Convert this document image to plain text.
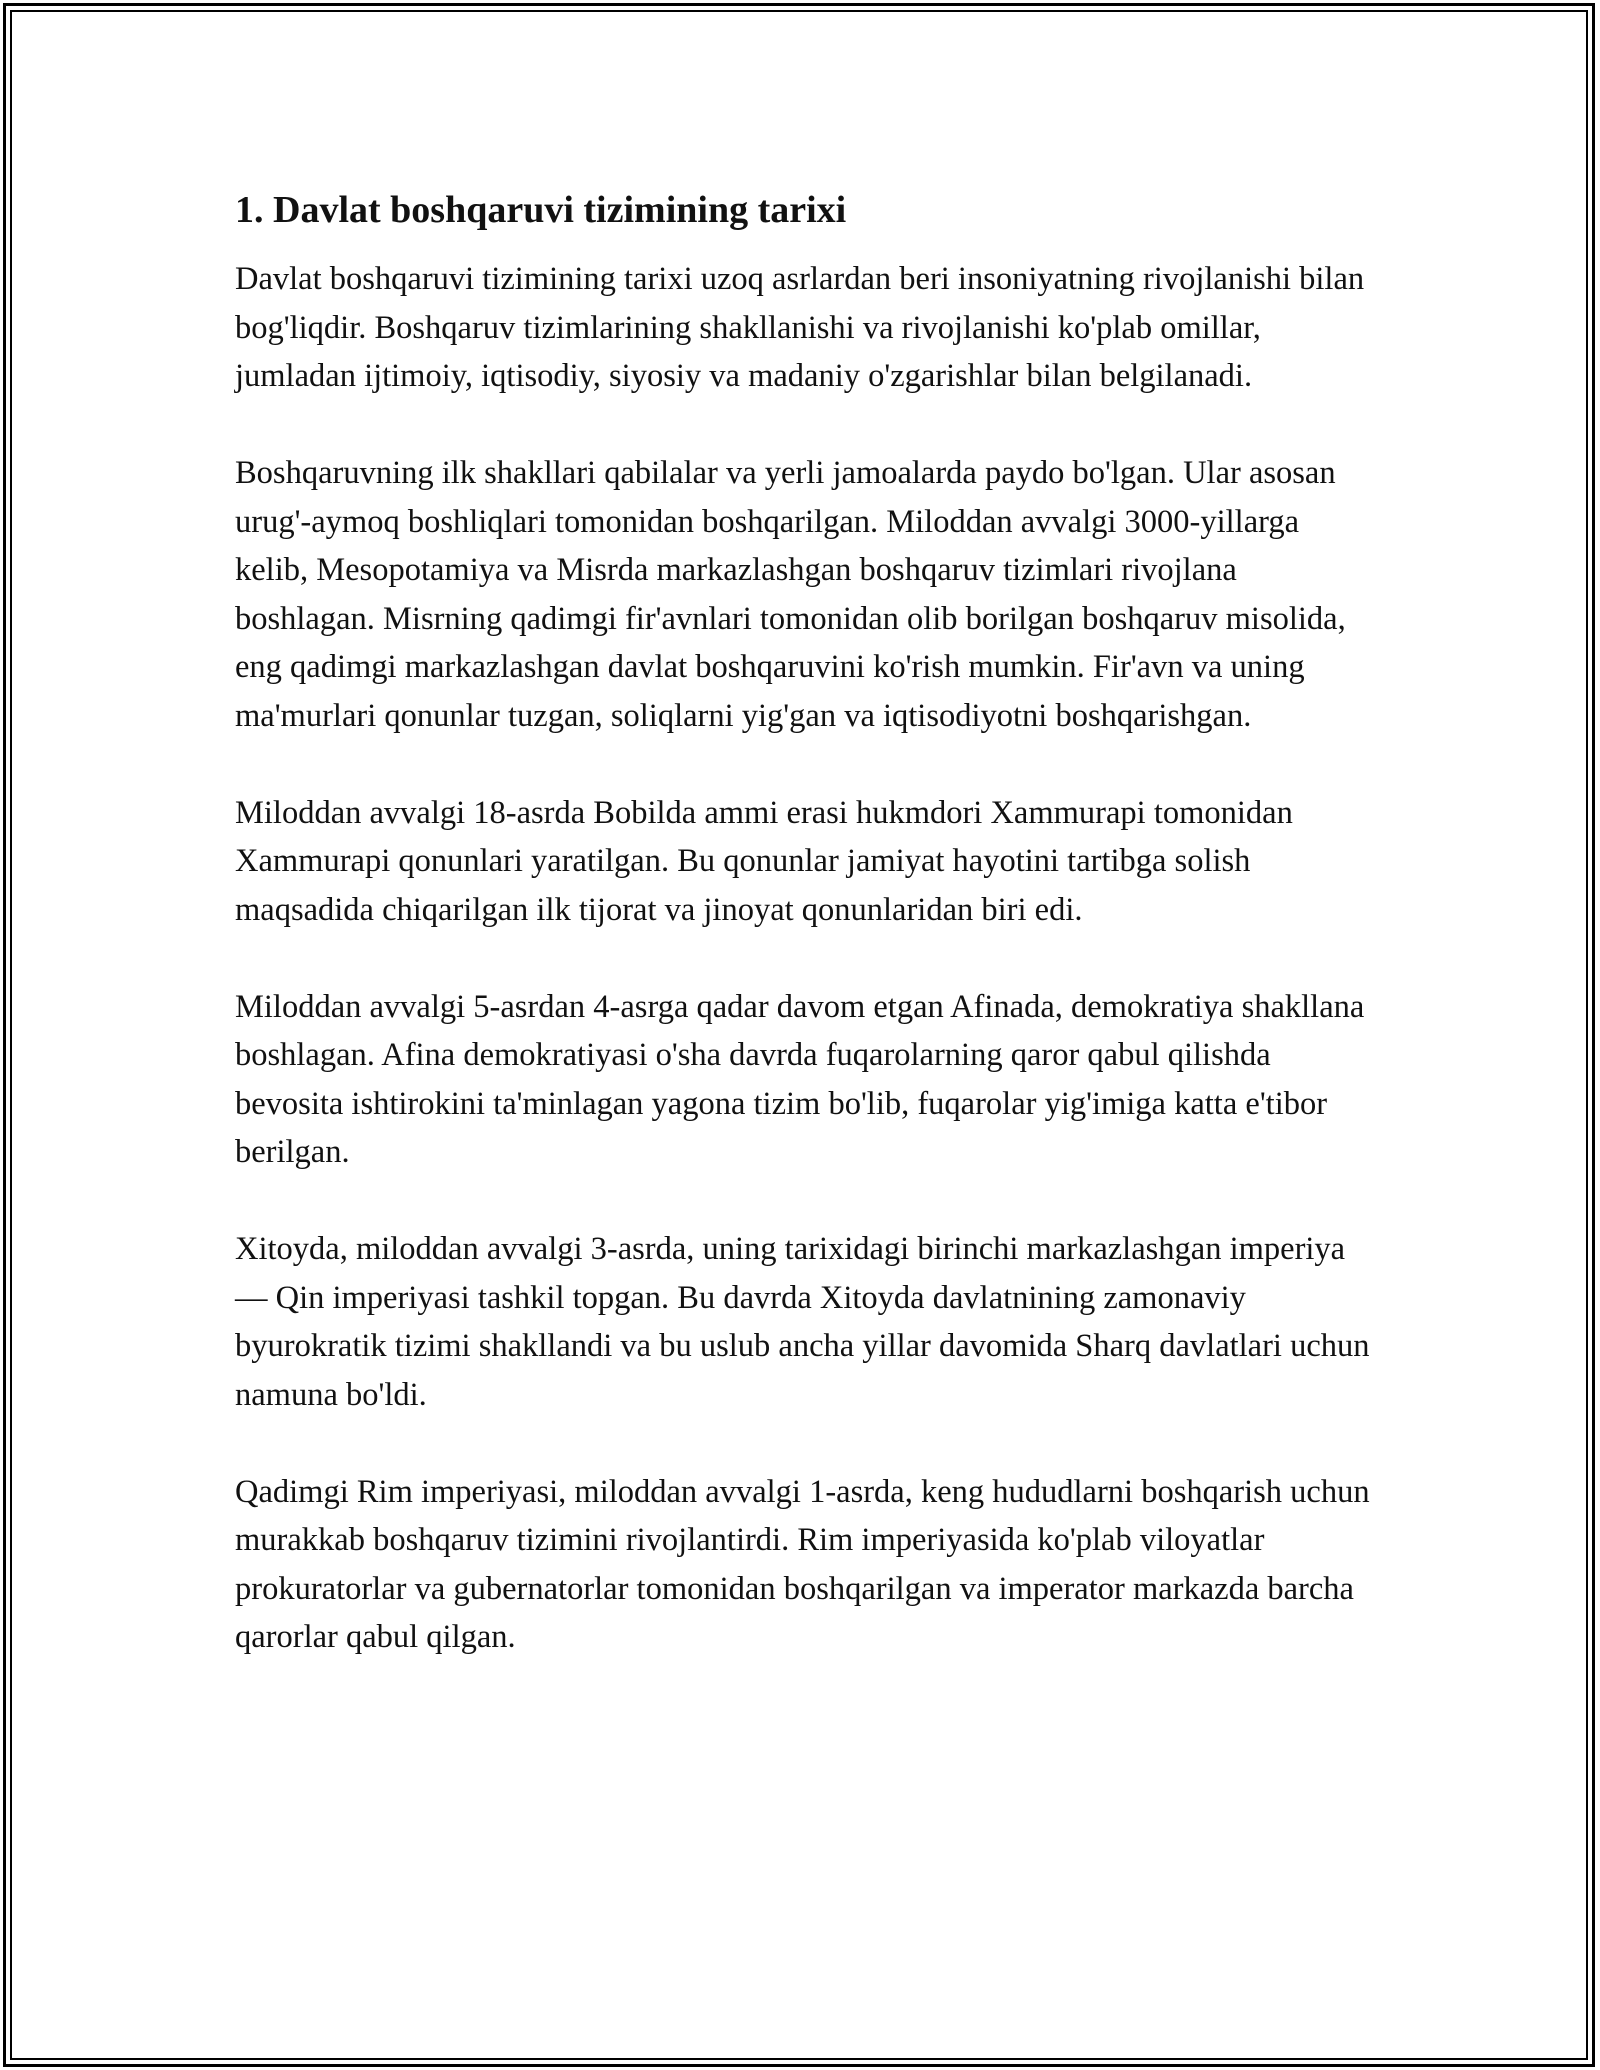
1. Davlat boshqaruvi tizimining tarixi

Davlat boshqaruvi tizimining tarixi uzoq asrlardan beri insoniyatning rivojlanishi bilan bog'liqdir. Boshqaruv tizimlarining shakllanishi va rivojlanishi ko'plab omillar, jumladan ijtimoiy, iqtisodiy, siyosiy va madaniy o'zgarishlar bilan belgilanadi.

Boshqaruvning ilk shakllari qabilalar va yerli jamoalarda paydo bo'lgan. Ular asosan urug'-aymoq boshliqlari tomonidan boshqarilgan. Miloddan avvalgi 3000-yillarga kelib, Mesopotamiya va Misrda markazlashgan boshqaruv tizimlari rivojlana boshlagan. Misrning qadimgi fir'avnlari tomonidan olib borilgan boshqaruv misolida, eng qadimgi markazlashgan davlat boshqaruvini ko'rish mumkin. Fir'avn va uning ma'murlari qonunlar tuzgan, soliqlarni yig'gan va iqtisodiyotni boshqarishgan.

Miloddan avvalgi 18-asrda Bobilda ammi erasi hukmdori Xammurapi tomonidan Xammurapi qonunlari yaratilgan. Bu qonunlar jamiyat hayotini tartibga solish maqsadida chiqarilgan ilk tijorat va jinoyat qonunlaridan biri edi.

Miloddan avvalgi 5-asrdan 4-asrga qadar davom etgan Afinada, demokratiya shakllana boshlagan. Afina demokratiyasi o'sha davrda fuqarolarning qaror qabul qilishda bevosita ishtirokini ta'minlagan yagona tizim bo'lib, fuqarolar yig'imiga katta e'tibor berilgan.

Xitoyda, miloddan avvalgi 3-asrda, uning tarixidagi birinchi markazlashgan imperiya — Qin imperiyasi tashkil topgan. Bu davrda Xitoyda davlatnining zamonaviy byurokratik tizimi shakllandi va bu uslub ancha yillar davomida Sharq davlatlari uchun namuna bo'ldi.

Qadimgi Rim imperiyasi, miloddan avvalgi 1-asrda, keng hududlarni boshqarish uchun murakkab boshqaruv tizimini rivojlantirdi. Rim imperiyasida ko'plab viloyatlar prokuratorlar va gubernatorlar tomonidan boshqarilgan va imperator markazda barcha qarorlar qabul qilgan.
